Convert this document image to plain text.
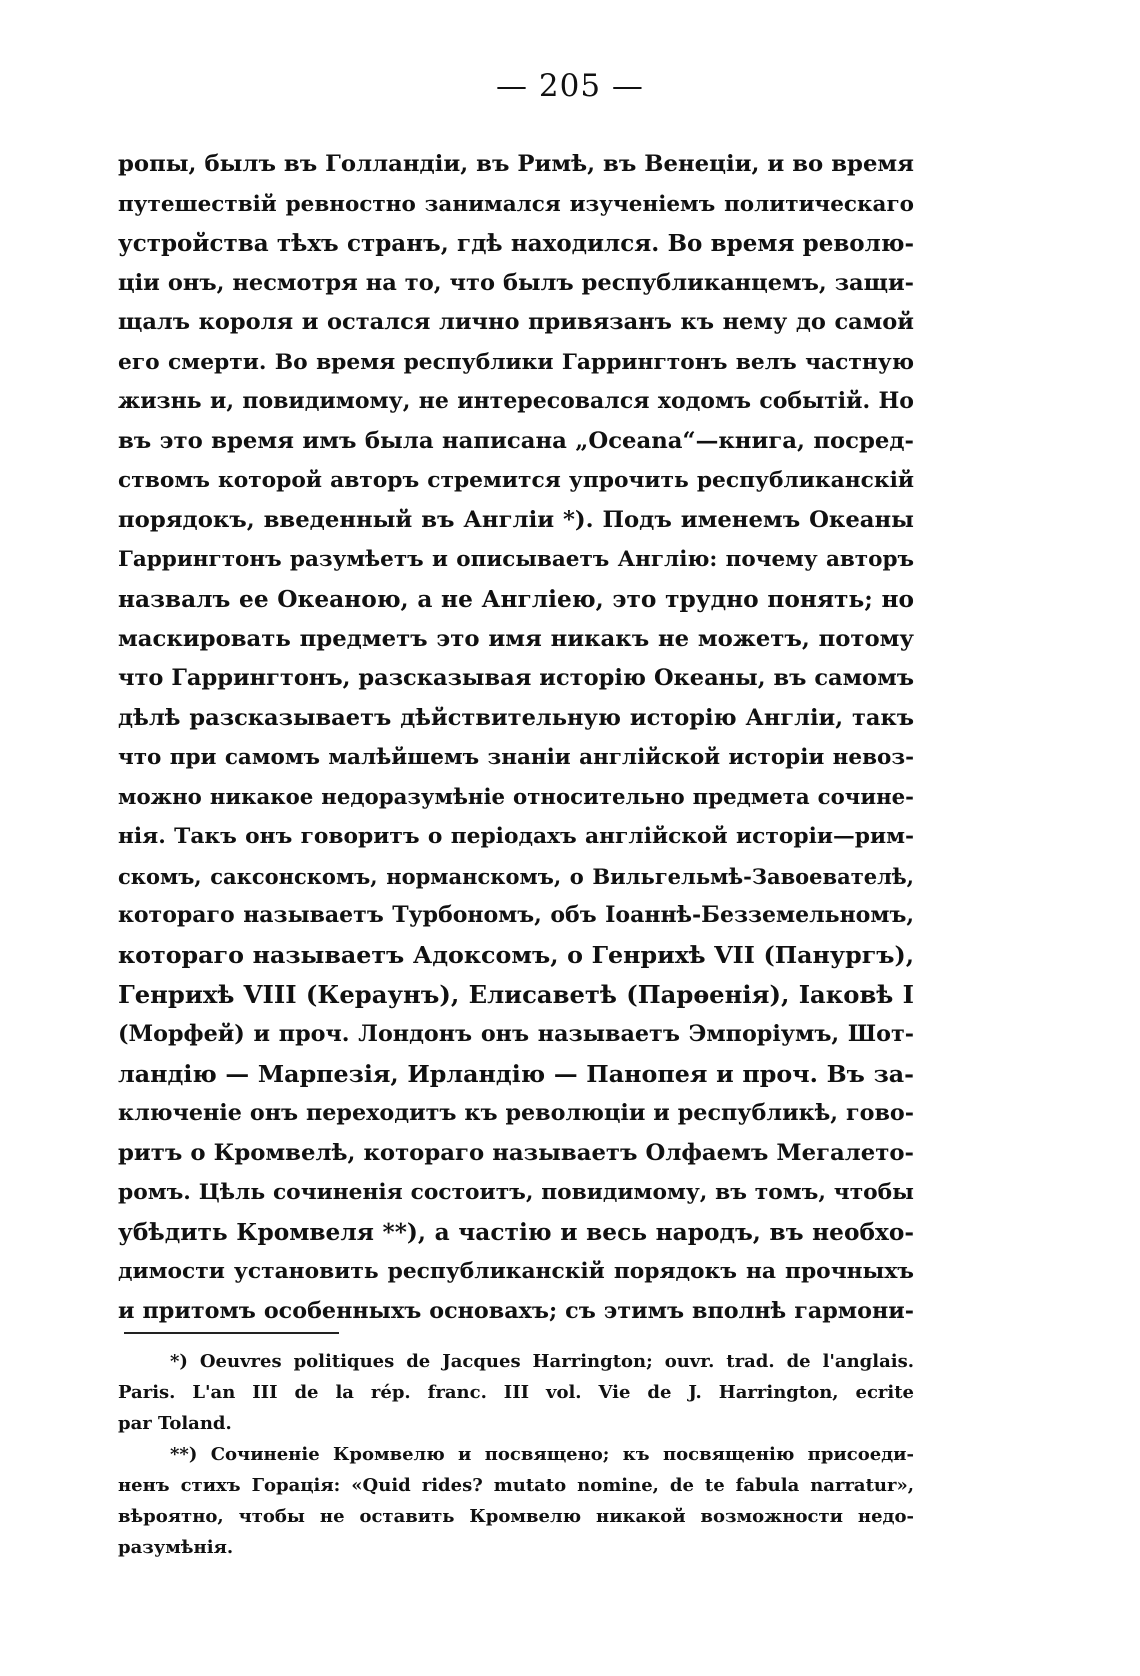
— 205 —
ропы, былъ въ Голландіи, въ Римѣ, въ Венеціи, и во время
путешествій ревностно занимался изученіемъ политическаго
устройства тѣхъ странъ, гдѣ находился. Во время револю-
ціи онъ, несмотря на то, что былъ республиканцемъ, защи-
щалъ короля и остался лично привязанъ къ нему до самой
его смерти. Во время республики Гаррингтонъ велъ частную
жизнь и, повидимому, не интересовался ходомъ событій. Но
въ это время имъ была написана „Oceana“—книга, посред-
ствомъ которой авторъ стремится упрочить республиканскій
порядокъ, введенный въ Англіи *). Подъ именемъ Океаны
Гаррингтонъ разумѣетъ и описываетъ Англію: почему авторъ
назвалъ ее Океаною, а не Англіею, это трудно понять; но
маскировать предметъ это имя никакъ не можетъ, потому
что Гаррингтонъ, разсказывая исторію Океаны, въ самомъ
дѣлѣ разсказываетъ дѣйствительную исторію Англіи, такъ
что при самомъ малѣйшемъ знаніи англійской исторіи невоз-
можно никакое недоразумѣніе относительно предмета сочине-
нія. Такъ онъ говоритъ о періодахъ англійской исторіи—рим-
скомъ, саксонскомъ, норманскомъ, о Вильгельмѣ-Завоевателѣ,
котораго называетъ Турбономъ, объ Іоаннѣ-Безземельномъ,
котораго называетъ Адоксомъ, о Генрихѣ VII (Панургъ),
Генрихѣ VIII (Кераунъ), Елисаветѣ (Парѳенія), Іаковѣ I
(Морфей) и проч. Лондонъ онъ называетъ Эмпоріумъ, Шот-
ландію — Марпезія, Ирландію — Панопея и проч. Въ за-
ключеніе онъ переходитъ къ революціи и республикѣ, гово-
ритъ о Кромвелѣ, котораго называетъ Олфаемъ Мегалето-
ромъ. Цѣль сочиненія состоитъ, повидимому, въ томъ, чтобы
убѣдить Кромвеля **), а частію и весь народъ, въ необхо-
димости установить республиканскій порядокъ на прочныхъ
и притомъ особенныхъ основахъ; съ этимъ вполнѣ гармони-
*) Oeuvres politiques de Jacques Harrington; ouvr. trad. de l'anglais.
Paris. L'an III de la rép. franc. III vol. Vie de J. Harrington, ecrite
par Toland.
**) Сочиненіе Кромвелю и посвящено; къ посвященію присоеди-
ненъ стихъ Горація: «Quid rides? mutato nomine, de te fabula narratur»,
вѣроятно, чтобы не оставить Кромвелю никакой возможности недо-
разумѣнія.
